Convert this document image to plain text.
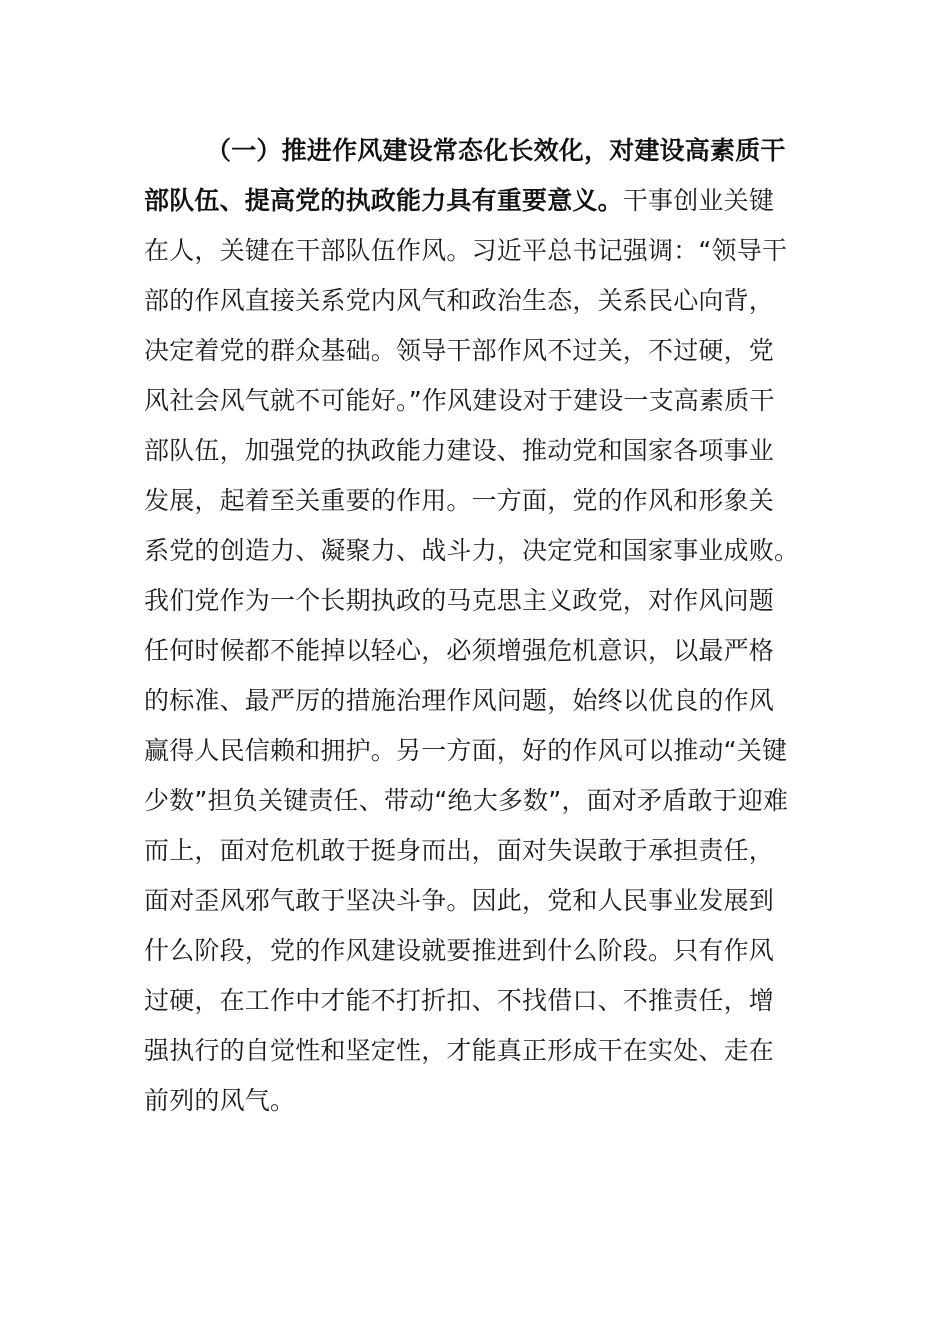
（一）推进作风建设常态化长效化，对建设高素质干
部队伍、提高党的执政能力具有重要意义。干事创业关键
在人，关键在干部队伍作风。习近平总书记强调：“领导干
部的作风直接关系党内风气和政治生态，关系民心向背，
决定着党的群众基础。领导干部作风不过关，不过硬，党
风社会风气就不可能好。”作风建设对于建设一支高素质干
部队伍，加强党的执政能力建设、推动党和国家各项事业
发展，起着至关重要的作用。一方面，党的作风和形象关
系党的创造力、凝聚力、战斗力，决定党和国家事业成败。
我们党作为一个长期执政的马克思主义政党，对作风问题
任何时候都不能掉以轻心，必须增强危机意识，以最严格
的标准、最严厉的措施治理作风问题，始终以优良的作风
赢得人民信赖和拥护。另一方面，好的作风可以推动“关键
少数”担负关键责任、带动“绝大多数”，面对矛盾敢于迎难
而上，面对危机敢于挺身而出，面对失误敢于承担责任，
面对歪风邪气敢于坚决斗争。因此，党和人民事业发展到
什么阶段，党的作风建设就要推进到什么阶段。只有作风
过硬，在工作中才能不打折扣、不找借口、不推责任，增
强执行的自觉性和坚定性，才能真正形成干在实处、走在
前列的风气。
